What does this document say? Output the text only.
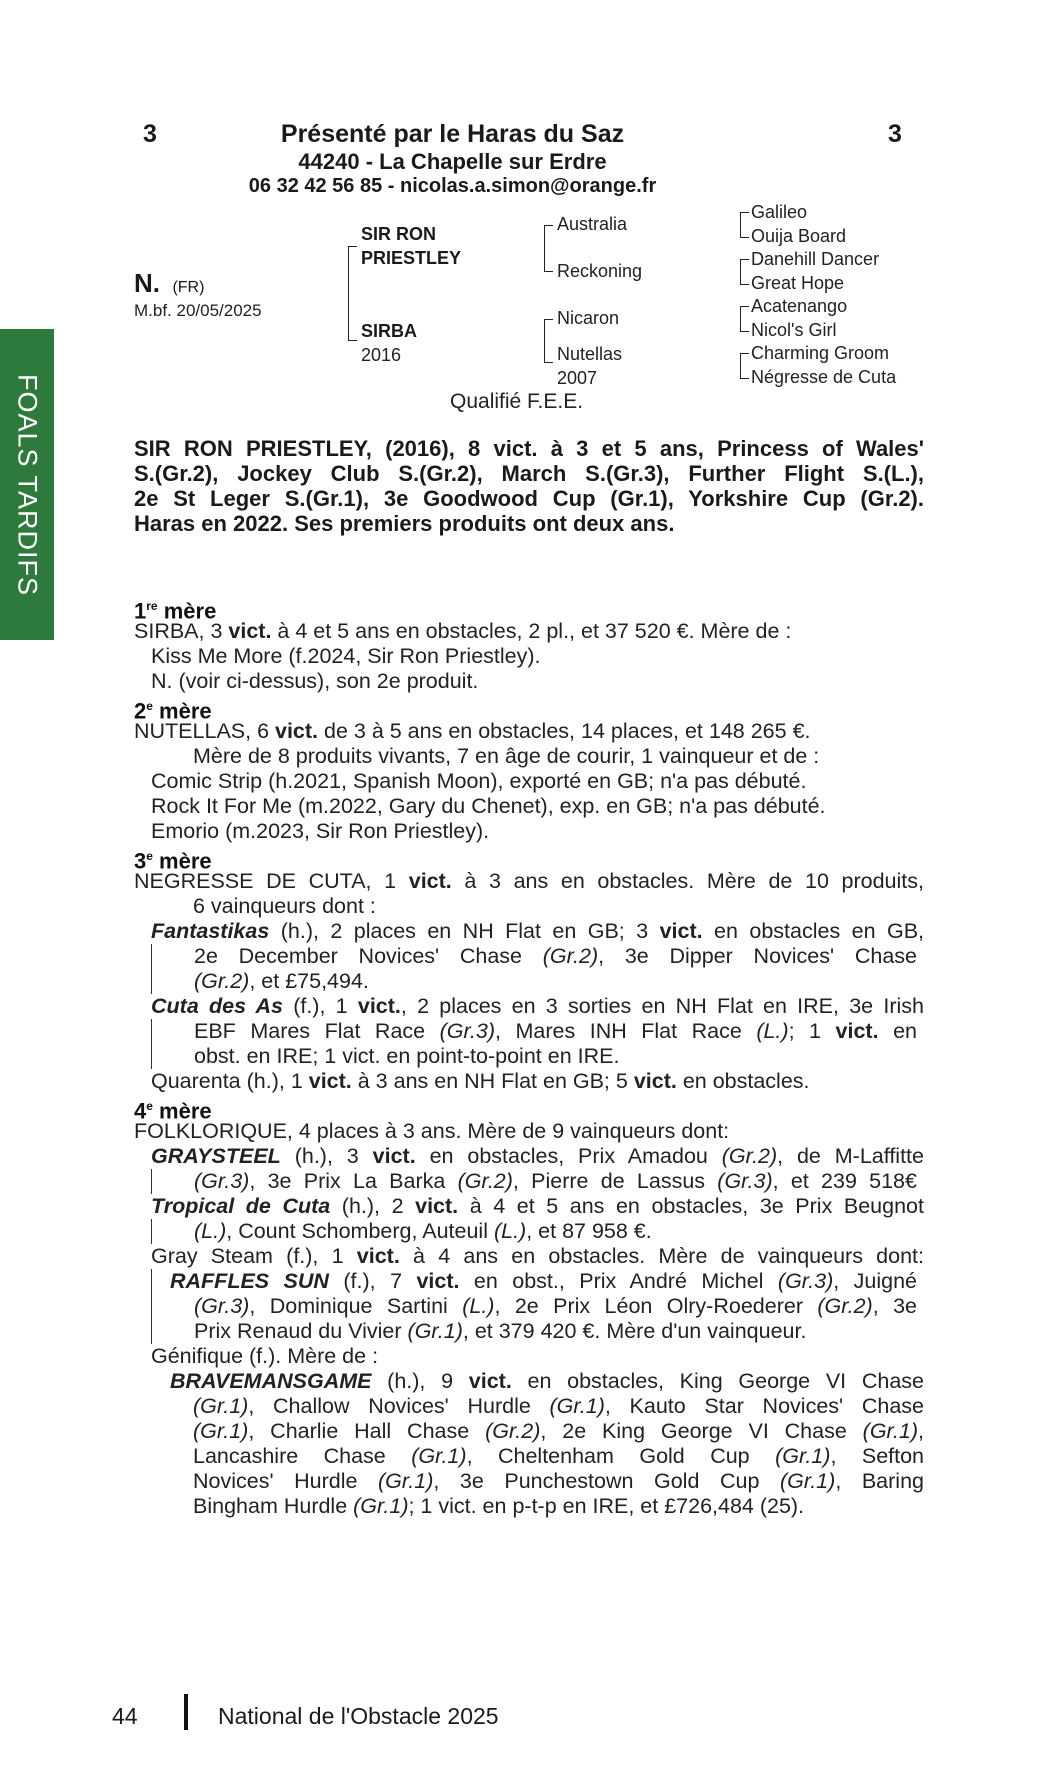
3	3
Présenté par le Haras du Saz
44240 - La Chapelle sur Erdre
06 32 42 56 85 - nicolas.a.simon@orange.fr
FOALS TARDIFS
N. (FR)
M.bf. 20/05/2025
SIR RON
PRIESTLEY
SIRBA
2016
Australia
Reckoning
Nicaron
Nutellas
2007
Galileo
Ouija Board
Danehill Dancer
Great Hope
Acatenango
Nicol's Girl
Charming Groom
Négresse de Cuta
Qualifié F.E.E.
SIR RON PRIESTLEY, (2016), 8 vict. à 3 et 5 ans, Princess of Wales'
S.(Gr.2), Jockey Club S.(Gr.2), March S.(Gr.3), Further Flight S.(L.),
2e St Leger S.(Gr.1), 3e Goodwood Cup (Gr.1), Yorkshire Cup (Gr.2).
Haras en 2022. Ses premiers produits ont deux ans.
1re mère
SIRBA, 3 vict. à 4 et 5 ans en obstacles, 2 pl., et 37 520 €. Mère de :
Kiss Me More (f.2024, Sir Ron Priestley).
N. (voir ci-dessus), son 2e produit.
2e mère
NUTELLAS, 6 vict. de 3 à 5 ans en obstacles, 14 places, et 148 265 €.
Mère de 8 produits vivants, 7 en âge de courir, 1 vainqueur et de :
Comic Strip (h.2021, Spanish Moon), exporté en GB; n'a pas débuté.
Rock It For Me (m.2022, Gary du Chenet), exp. en GB; n'a pas débuté.
Emorio (m.2023, Sir Ron Priestley).
3e mère
NEGRESSE DE CUTA, 1 vict. à 3 ans en obstacles. Mère de 10 produits,
6 vainqueurs dont :
Fantastikas (h.), 2 places en NH Flat en GB; 3 vict. en obstacles en GB,
2e December Novices' Chase (Gr.2), 3e Dipper Novices' Chase
(Gr.2), et £75,494.
Cuta des As (f.), 1 vict., 2 places en 3 sorties en NH Flat en IRE, 3e Irish
EBF Mares Flat Race (Gr.3), Mares INH Flat Race (L.); 1 vict. en
obst. en IRE; 1 vict. en point-to-point en IRE.
Quarenta (h.), 1 vict. à 3 ans en NH Flat en GB; 5 vict. en obstacles.
4e mère
FOLKLORIQUE, 4 places à 3 ans. Mère de 9 vainqueurs dont:
GRAYSTEEL (h.), 3 vict. en obstacles, Prix Amadou (Gr.2), de M-Laffitte
(Gr.3), 3e Prix La Barka (Gr.2), Pierre de Lassus (Gr.3), et 239 518€
Tropical de Cuta (h.), 2 vict. à 4 et 5 ans en obstacles, 3e Prix Beugnot
(L.), Count Schomberg, Auteuil (L.), et 87 958 €.
Gray Steam (f.), 1 vict. à 4 ans en obstacles. Mère de vainqueurs dont:
RAFFLES SUN (f.), 7 vict. en obst., Prix André Michel (Gr.3), Juigné
(Gr.3), Dominique Sartini (L.), 2e Prix Léon Olry-Roederer (Gr.2), 3e
Prix Renaud du Vivier (Gr.1), et 379 420 €. Mère d'un vainqueur.
Génifique (f.). Mère de :
BRAVEMANSGAME (h.), 9 vict. en obstacles, King George VI Chase
(Gr.1), Challow Novices' Hurdle (Gr.1), Kauto Star Novices' Chase
(Gr.1), Charlie Hall Chase (Gr.2), 2e King George VI Chase (Gr.1),
Lancashire Chase (Gr.1), Cheltenham Gold Cup (Gr.1), Sefton
Novices' Hurdle (Gr.1), 3e Punchestown Gold Cup (Gr.1), Baring
Bingham Hurdle (Gr.1); 1 vict. en p-t-p en IRE, et £726,484 (25).
44	National de l'Obstacle 2025
